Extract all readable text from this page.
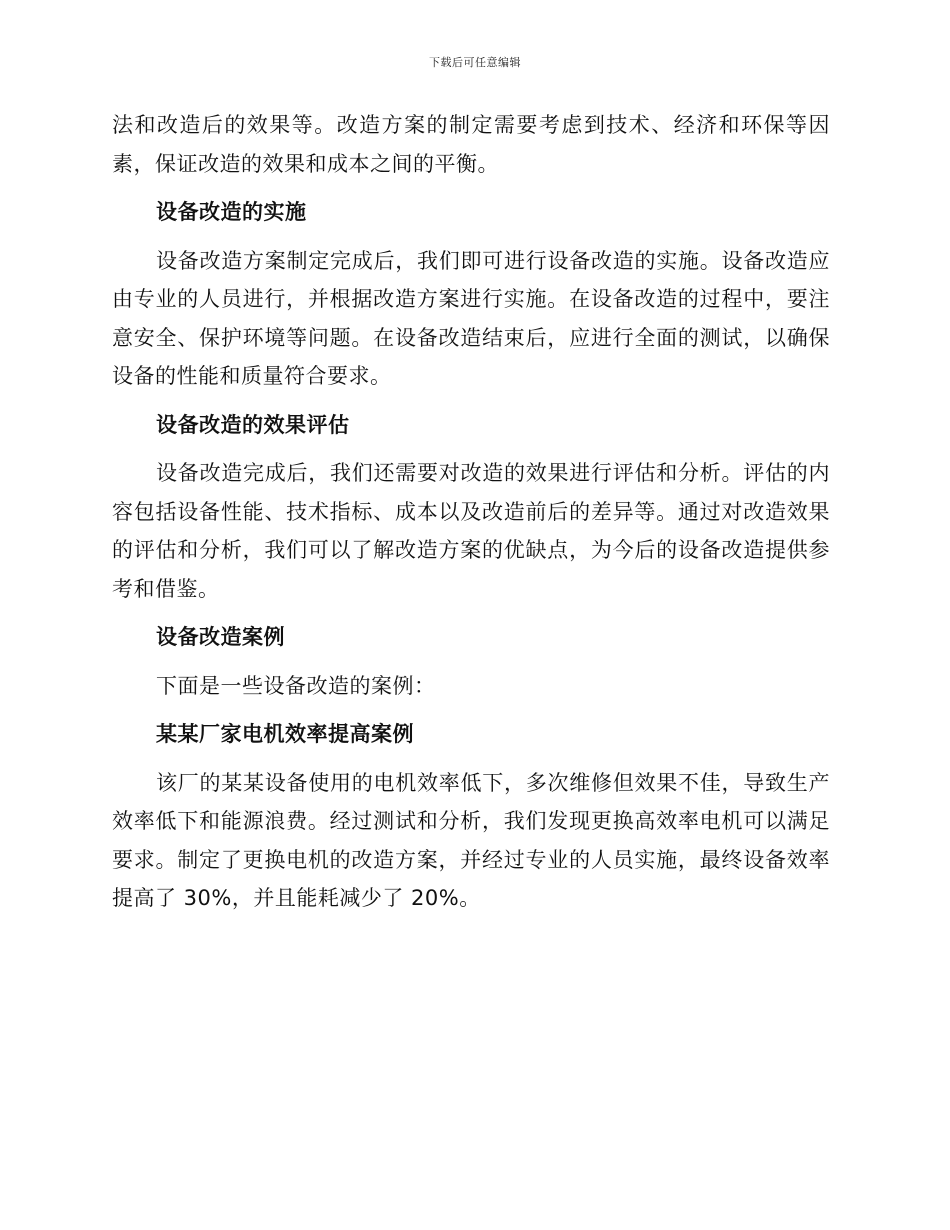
下载后可任意编辑

法和改造后的效果等。改造方案的制定需要考虑到技术、经济和环保等因素，保证改造的效果和成本之间的平衡。

设备改造的实施

设备改造方案制定完成后，我们即可进行设备改造的实施。设备改造应由专业的人员进行，并根据改造方案进行实施。在设备改造的过程中，要注意安全、保护环境等问题。在设备改造结束后，应进行全面的测试，以确保设备的性能和质量符合要求。

设备改造的效果评估

设备改造完成后，我们还需要对改造的效果进行评估和分析。评估的内容包括设备性能、技术指标、成本以及改造前后的差异等。通过对改造效果的评估和分析，我们可以了解改造方案的优缺点，为今后的设备改造提供参考和借鉴。

设备改造案例

下面是一些设备改造的案例：

某某厂家电机效率提高案例

该厂的某某设备使用的电机效率低下，多次维修但效果不佳，导致生产效率低下和能源浪费。经过测试和分析，我们发现更换高效率电机可以满足要求。制定了更换电机的改造方案，并经过专业的人员实施，最终设备效率提高了 30%，并且能耗减少了 20%。
